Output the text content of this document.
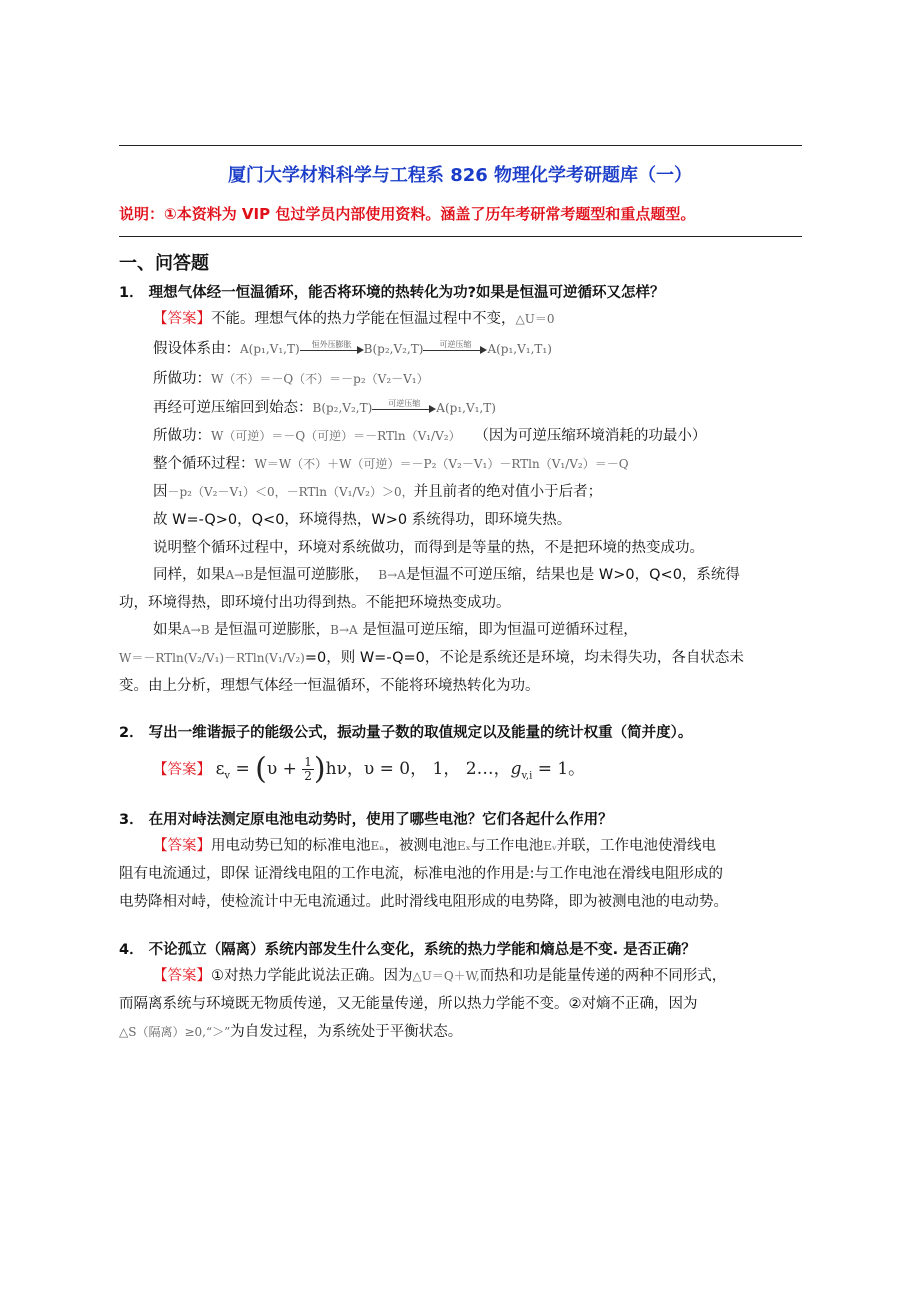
厦门大学材料科学与工程系 826 物理化学考研题库（一）
说明：①本资料为 VIP 包过学员内部使用资料。涵盖了历年考研常考题型和重点题型。
一、问答题
1． 理想气体经一恒温循环，能否将环境的热转化为功?如果是恒温可逆循环又怎样？
【答案】不能。理想气体的热力学能在恒温过程中不变，△U＝0
假设体系由：A(p₁,V₁,T)	恒外压膨胀	B(p₂,V₂,T)	可逆压缩	A(p₁,V₁,T₁)
所做功：W（不）＝－Q（不）＝－p₂（V₂－V₁）
再经可逆压缩回到始态：B(p₂,V₂,T)	可逆压缩	A(p₁,V₁,T)
所做功：W（可逆）＝－Q（可逆）＝－RTln（V₁/V₂） （因为可逆压缩环境消耗的功最小）
整个循环过程：W＝W（不）＋W（可逆）＝－P₂（V₂－V₁）－RTln（V₁/V₂）＝－Q
因－p₂（V₂－V₁）＜0，－RTln（V₁/V₂）＞0，并且前者的绝对值小于后者；
故 W=-Q>0，Q<0，环境得热，W>0 系统得功，即环境失热。
说明整个循环过程中，环境对系统做功，而得到是等量的热，不是把环境的热变成功。
同样，如果A→B是恒温可逆膨胀， B→A是恒温不可逆压缩，结果也是 W>0，Q<0，系统得
功，环境得热，即环境付出功得到热。不能把环境热变成功。
如果A→B 是恒温可逆膨胀，B→A 是恒温可逆压缩，即为恒温可逆循环过程，
W＝－RTln(V₂/V₁)－RTln(V₁/V₂)=0，则 W=-Q=0，不论是系统还是环境，均未得失功，各自状态未
变。由上分析，理想气体经一恒温循环，不能将环境热转化为功。
2． 写出一维谐振子的能级公式，振动量子数的取值规定以及能量的统计权重（简并度）。
【答案】 $\varepsilon_v = (\upsilon + \frac{1}{2} )h\nu$，υ = 0， 1， 2…，$g_{v,i} = 1$。
3． 在用对峙法测定原电池电动势时，使用了哪些电池？它们各起什么作用？
【答案】用电动势已知的标准电池Eₙ，被测电池Eₓ与工作电池Eᵥ并联，工作电池使滑线电
阻有电流通过，即保 证滑线电阻的工作电流，标准电池的作用是:与工作电池在滑线电阻形成的
电势降相对峙，使检流计中无电流通过。此时滑线电阻形成的电势降，即为被测电池的电动势。
4． 不论孤立（隔离）系统内部发生什么变化，系统的热力学能和熵总是不变. 是否正确？
【答案】①对热力学能此说法正确。因为△U＝Q＋W,而热和功是能量传递的两种不同形式，
而隔离系统与环境既无物质传递，又无能量传递，所以热力学能不变。②对熵不正确，因为
△S（隔离）≥0,“＞”为自发过程，为系统处于平衡状态。
